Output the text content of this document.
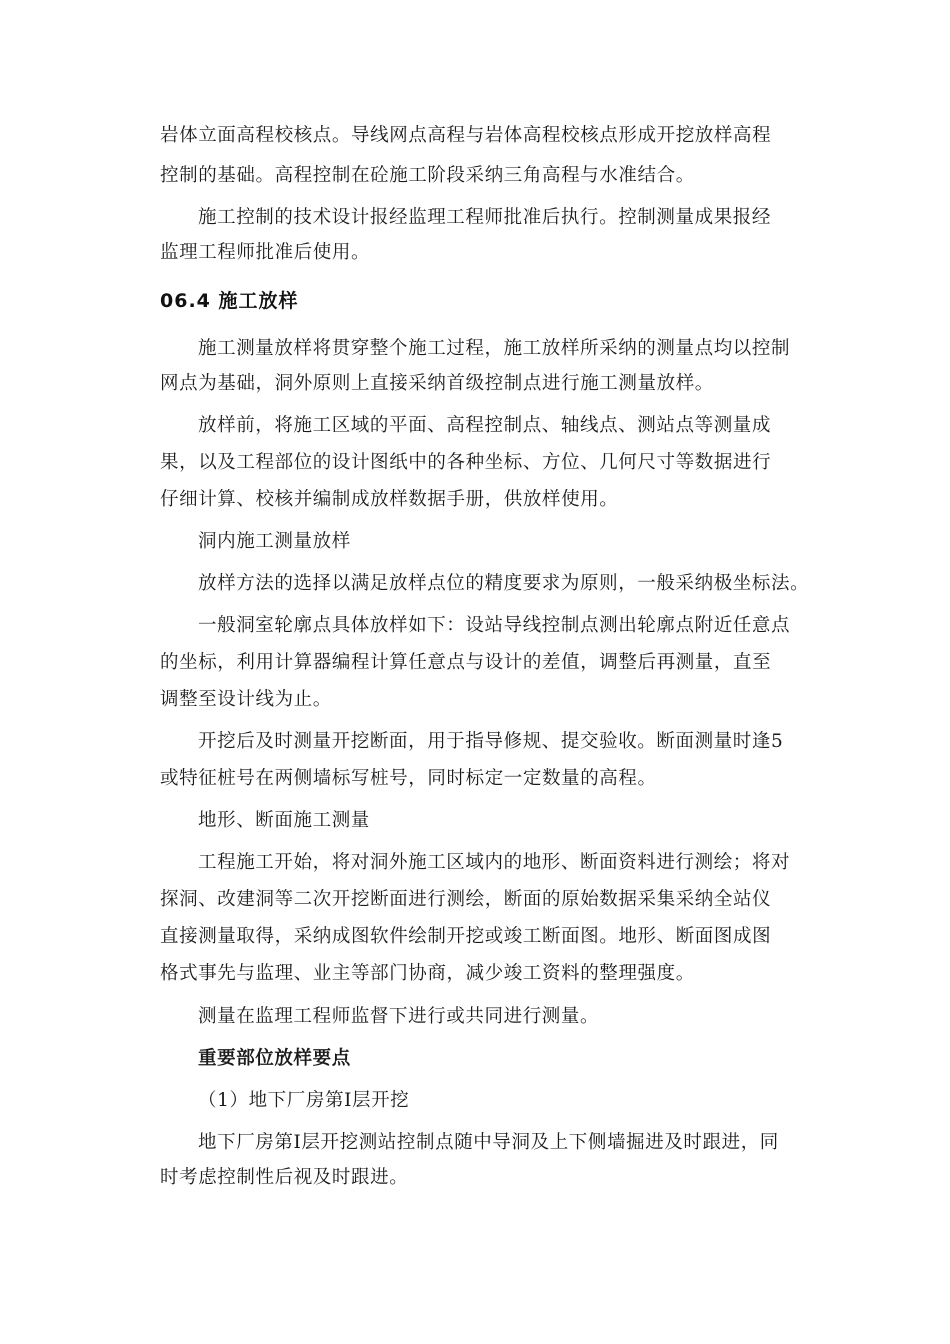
岩体立面高程校核点。导线网点高程与岩体高程校核点形成开挖放样高程
控制的基础。高程控制在砼施工阶段采纳三角高程与水准结合。
施工控制的技术设计报经监理工程师批准后执行。控制测量成果报经
监理工程师批准后使用。
06.4 施工放样
施工测量放样将贯穿整个施工过程，施工放样所采纳的测量点均以控制
网点为基础，洞外原则上直接采纳首级控制点进行施工测量放样。
放样前，将施工区域的平面、高程控制点、轴线点、测站点等测量成
果，以及工程部位的设计图纸中的各种坐标、方位、几何尺寸等数据进行
仔细计算、校核并编制成放样数据手册，供放样使用。
洞内施工测量放样
放样方法的选择以满足放样点位的精度要求为原则，一般采纳极坐标法。
一般洞室轮廓点具体放样如下：设站导线控制点测出轮廓点附近任意点
的坐标，利用计算器编程计算任意点与设计的差值，调整后再测量，直至
调整至设计线为止。
开挖后及时测量开挖断面，用于指导修规、提交验收。断面测量时逢5
或特征桩号在两侧墙标写桩号，同时标定一定数量的高程。
地形、断面施工测量
工程施工开始，将对洞外施工区域内的地形、断面资料进行测绘；将对
探洞、改建洞等二次开挖断面进行测绘，断面的原始数据采集采纳全站仪
直接测量取得，采纳成图软件绘制开挖或竣工断面图。地形、断面图成图
格式事先与监理、业主等部门协商，减少竣工资料的整理强度。
测量在监理工程师监督下进行或共同进行测量。
重要部位放样要点
（1）地下厂房第I层开挖
地下厂房第I层开挖测站控制点随中导洞及上下侧墙掘进及时跟进，同
时考虑控制性后视及时跟进。
